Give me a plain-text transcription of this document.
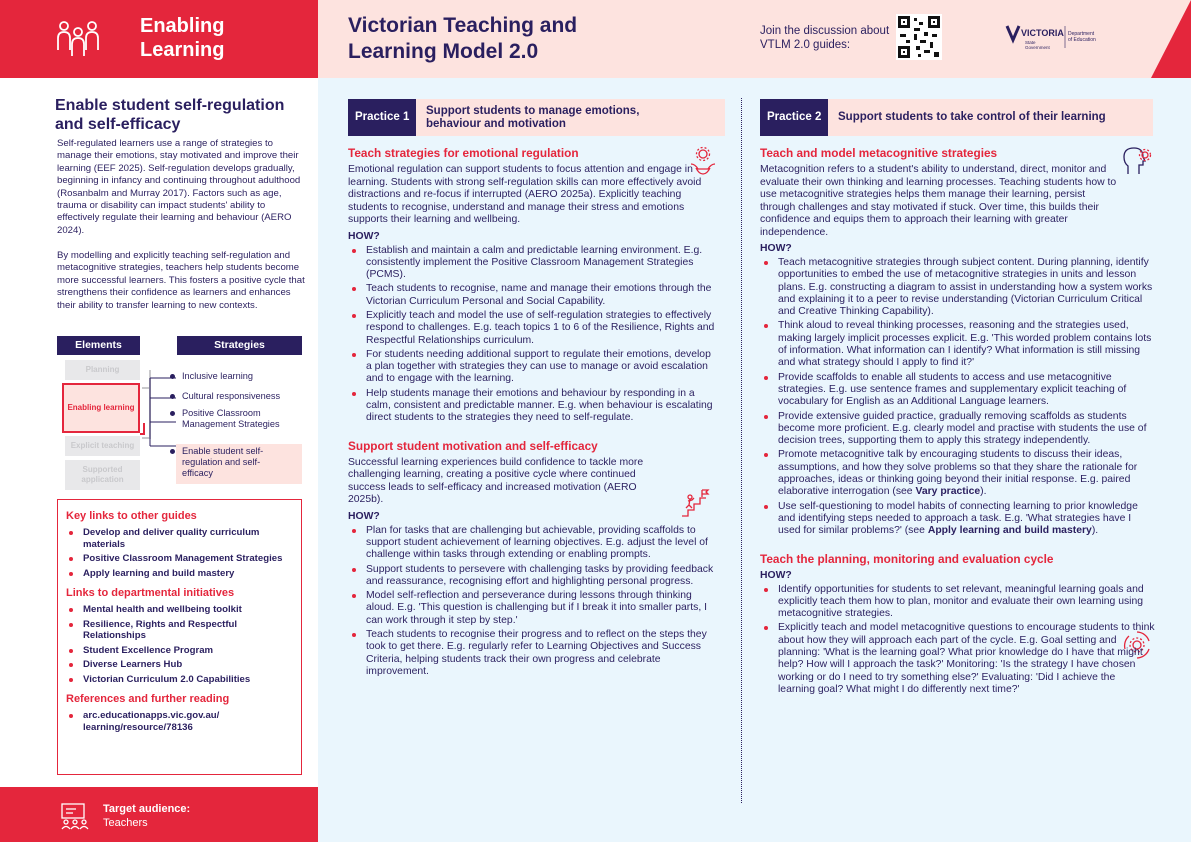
Enabling Learning
Victorian Teaching and Learning Model 2.0
Join the discussion about VTLM 2.0 guides:
VICTORIA
State
Government
Department
of Education
Enable student self-regulation and self-efficacy

Self-regulated learners use a range of strategies to manage their emotions, stay motivated and improve their learning (EEF 2025). Self-regulation develops gradually, beginning in infancy and continuing throughout adulthood (Rosanbalm and Murray 2017). Factors such as age, trauma or disability can impact students' ability to effectively regulate their learning and behaviour (AERO 2024).

By modelling and explicitly teaching self-regulation and metacognitive strategies, teachers help students become more successful learners. This fosters a positive cycle that strengthens their confidence as learners and enhances their ability to transfer learning to new contexts.

Elements	Strategies
Planning
Enabling learning
Explicit teaching
Supported application
Inclusive learning
Cultural responsiveness
Positive Classroom Management Strategies
Enable student self-regulation and self-efficacy
Key links to other guides
Develop and deliver quality curriculum materials
Positive Classroom Management Strategies
Apply learning and build mastery
Links to departmental initiatives
Mental health and wellbeing toolkit
Resilience, Rights and Respectful Relationships
Student Excellence Program
Diverse Learners Hub
Victorian Curriculum 2.0 Capabilities
References and further reading
arc.educationapps.vic.gov.au/ learning/resource/78136
Target audience:
Teachers
Practice 1
Support students to manage emotions, behaviour and motivation
Practice 2	Support students to take control of their learning
Teach strategies for emotional regulation

Emotional regulation can support students to focus attention and engage in learning. Students with strong self-regulation skills can more effectively avoid distractions and re-focus if interrupted (AERO 2025a). Explicitly teaching students to recognise, understand and manage their stress and emotions supports their learning and wellbeing.

HOW?
Establish and maintain a calm and predictable learning environment. E.g. consistently implement the Positive Classroom Management Strategies (PCMS).
Teach students to recognise, name and manage their emotions through the Victorian Curriculum Personal and Social Capability.
Explicitly teach and model the use of self-regulation strategies to effectively respond to challenges. E.g. teach topics 1 to 6 of the Resilience, Rights and Respectful Relationships curriculum.
For students needing additional support to regulate their emotions, develop a plan together with strategies they can use to manage or avoid escalation and to engage with the learning.
Help students manage their emotions and behaviour by responding in a calm, consistent and predictable manner. E.g. when behaviour is escalating direct students to the strategies they need to self-regulate.
Support student motivation and self-efficacy

Successful learning experiences build confidence to tackle more challenging learning, creating a positive cycle where continued success leads to self-efficacy and increased motivation (AERO 2025b).

HOW?
Plan for tasks that are challenging but achievable, providing scaffolds to support student achievement of learning objectives. E.g. adjust the level of challenge within tasks through extending or enabling prompts.
Support students to persevere with challenging tasks by providing feedback and reassurance, recognising effort and highlighting personal progress.
Model self-reflection and perseverance during lessons through thinking aloud. E.g. 'This question is challenging but if I break it into smaller parts, I can work through it step by step.'
Teach students to recognise their progress and to reflect on the steps they took to get there. E.g. regularly refer to Learning Objectives and Success Criteria, helping students track their own progress and celebrate improvement.
Teach and model metacognitive strategies

Metacognition refers to a student's ability to understand, direct, monitor and evaluate their own thinking and learning processes. Teaching students how to use metacognitive strategies helps them manage their learning, persist through challenges and stay motivated if stuck. Over time, this builds their confidence and equips them to approach their learning with greater independence.

HOW?
Teach metacognitive strategies through subject content. During planning, identify opportunities to embed the use of metacognitive strategies in units and lesson plans. E.g. constructing a diagram to assist in understanding how a system works and explaining it to a peer to revise understanding (Victorian Curriculum Critical and Creative Thinking Capability).
Think aloud to reveal thinking processes, reasoning and the strategies used, making largely implicit processes explicit. E.g. 'This worded problem contains lots of information. What information can I identify? What information is still missing and what strategy should I apply to find it?'
Provide scaffolds to enable all students to access and use metacognitive strategies. E.g. use sentence frames and supplementary explicit teaching of vocabulary for English as an Additional Language learners.
Provide extensive guided practice, gradually removing scaffolds as students become more proficient. E.g. clearly model and practise with students the use of decision trees, supporting them to apply this strategy independently.
Promote metacognitive talk by encouraging students to discuss their ideas, assumptions, and how they solve problems so that they share the rationale for approaches, ideas or thinking going beyond their initial response. E.g. paired elaborative interrogation (see Vary practice).
Use self-questioning to model habits of connecting learning to prior knowledge and identifying steps needed to approach a task. E.g. 'What strategies have I used for similar problems?' (see Apply learning and build mastery).
Teach the planning, monitoring and evaluation cycle
HOW?
Identify opportunities for students to set relevant, meaningful learning goals and explicitly teach them how to plan, monitor and evaluate their own learning using metacognitive strategies.
Explicitly teach and model metacognitive questions to encourage students to think about how they will approach each part of the cycle. E.g. Goal setting and planning: 'What is the learning goal? What prior knowledge do I have that might help? How will I approach the task?' Monitoring: 'Is the strategy I have chosen working or do I need to try something else?' Evaluating: 'Did I achieve the learning goal? What might I do differently next time?'
